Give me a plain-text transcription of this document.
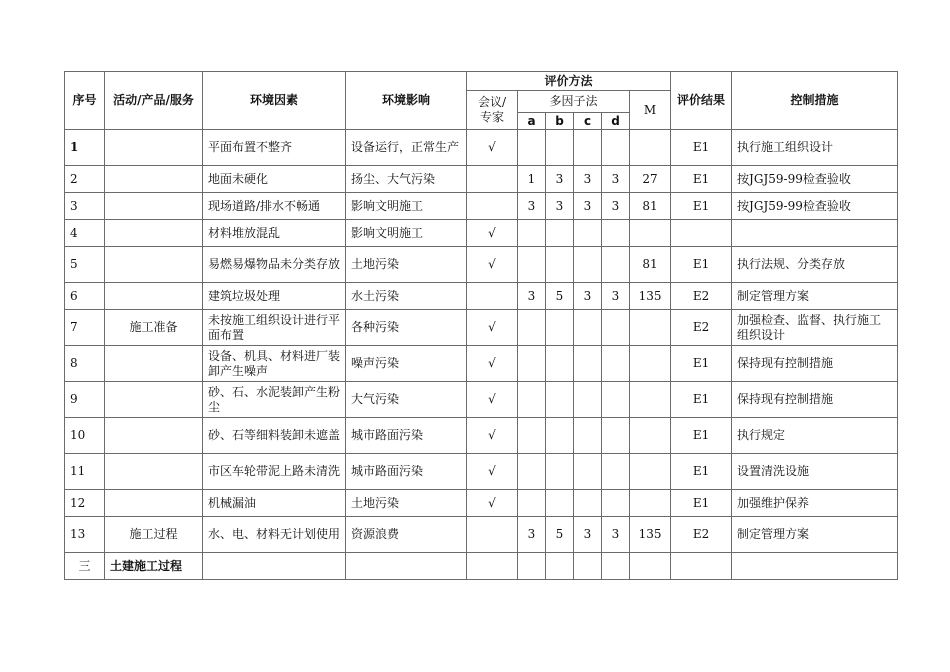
序号	活动/产品/服务	环境因素	环境影响	评价方法						评价结果	控制措施
				会议/专家	多因子法				M		
					a	b	c	d			
1		平面布置不整齐	设备运行，正常生产	√						E1	执行施工组织设计
2		地面未硬化	扬尘、大气污染		1	3	3	3	27	E1	按JGJ59-99检查验收
3		现场道路/排水不畅通	影响文明施工		3	3	3	3	81	E1	按JGJ59-99检查验收
4		材料堆放混乱	影响文明施工	√							
5		易燃易爆物品未分类存放	土地污染	√					81	E1	执行法规、分类存放
6		建筑垃圾处理	水土污染		3	5	3	3	135	E2	制定管理方案
7	施工准备	未按施工组织设计进行平面布置	各种污染	√						E2	加强检查、监督、执行施工组织设计
8		设备、机具、材料进厂装卸产生噪声	噪声污染	√						E1	保持现有控制措施
9		砂、石、水泥装卸产生粉尘	大气污染	√						E1	保持现有控制措施
10		砂、石等细料装卸未遮盖	城市路面污染	√						E1	执行规定
11		市区车轮带泥上路未清洗	城市路面污染	√						E1	设置清洗设施
12		机械漏油	土地污染	√						E1	加强维护保养
13	施工过程	水、电、材料无计划使用	资源浪费		3	5	3	3	135	E2	制定管理方案
三	土建施工过程										
